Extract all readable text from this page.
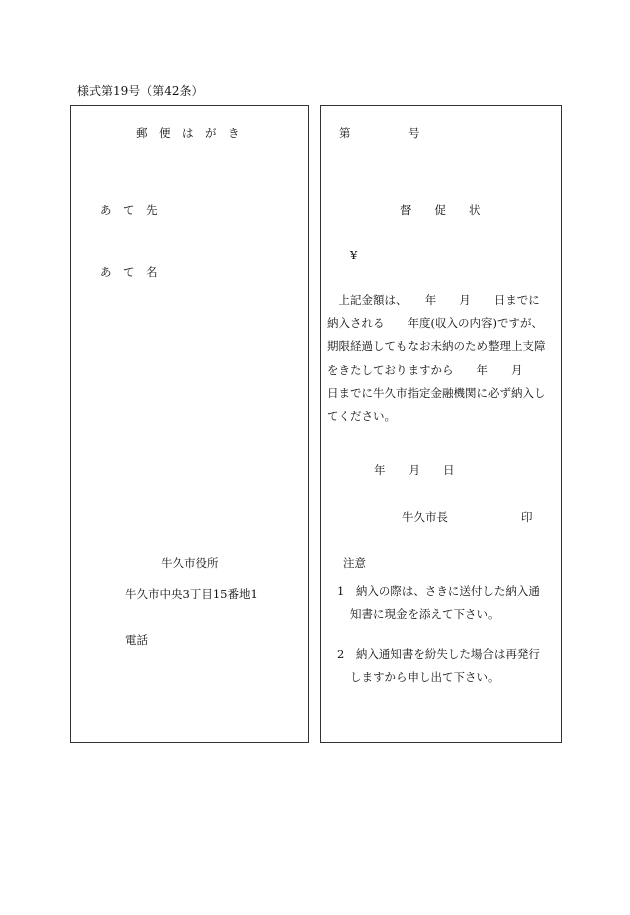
様式第19号（第42条）
郵　便　は　が　き
あ　て　先
あ　て　名
牛久市役所
牛久市中央3丁目15番地1
電話
第　　　　　号
督　　促　　状
¥
　上記金額は、　　年　　月　　日までに
納入される　　年度(収入の内容)ですが、
期限経過してもなお未納のため整理上支障
をきたしておりますから　　年　　月
日までに牛久市指定金融機関に必ず納入し
てください。
年　　月　　日
牛久市長	印
注意
1　 納入の際は、さきに送付した納入通
知書に現金を添えて下さい。
2　 納入通知書を紛失した場合は再発行
しますから申し出て下さい。
